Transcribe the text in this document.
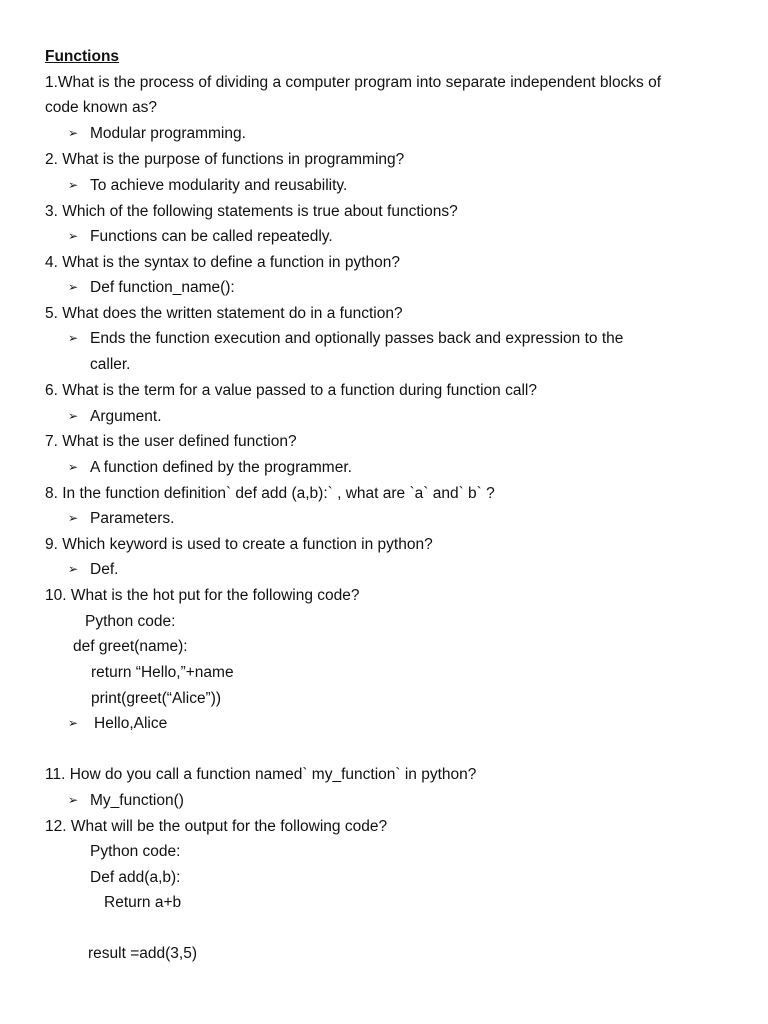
Functions
1.What is the process of dividing a computer program into separate independent blocks of
code known as?
➢ Modular programming.
2. What is the purpose of functions in programming?
➢ To achieve modularity and reusability.
3. Which of the following statements is true about functions?
➢ Functions can be called repeatedly.
4. What is the syntax to define a function in python?
➢ Def function_name():
5. What does the written statement do in a function?
➢ Ends the function execution and optionally passes back and expression to the
caller.
6. What is the term for a value passed to a function during function call?
➢ Argument.
7. What is the user defined function?
➢ A function defined by the programmer.
8. In the function definition` def add (a,b):` , what are `a` and` b` ?
➢ Parameters.
9. Which keyword is used to create a function in python?
➢ Def.
10. What is the hot put for the following code?
Python code:
def greet(name):
return “Hello,”+name
print(greet(“Alice”))
➢ Hello,Alice
11. How do you call a function named` my_function` in python?
➢ My_function()
12. What will be the output for the following code?
Python code:
Def add(a,b):
Return a+b
result =add(3,5)
